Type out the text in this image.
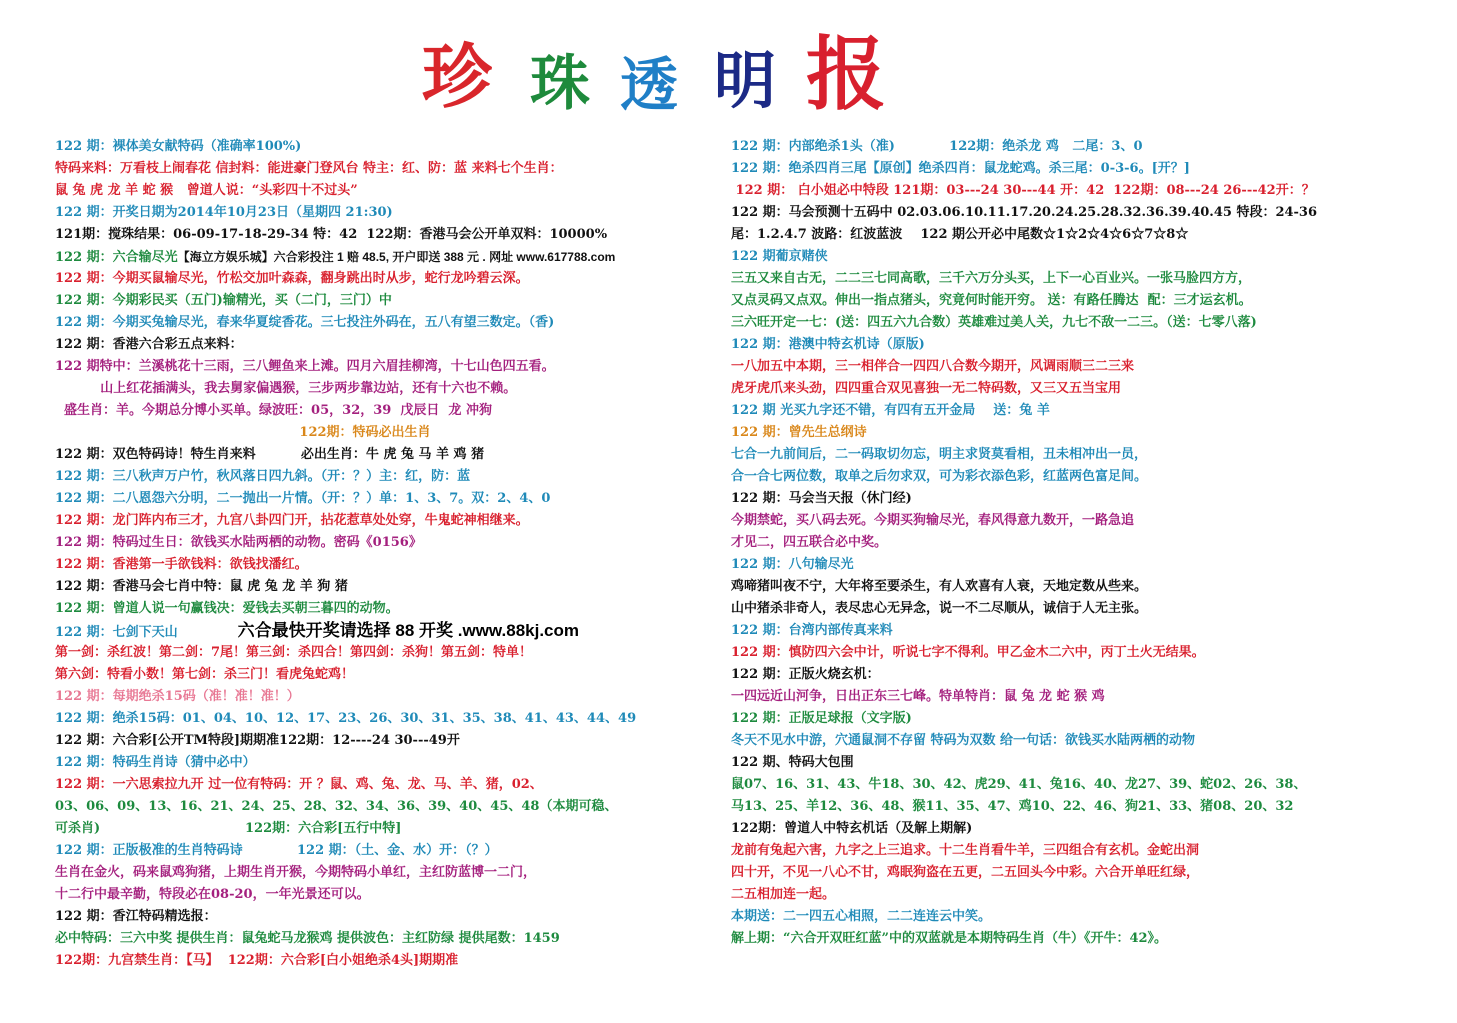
珍 珠 透 明 报
122 期：裸体美女献特码（准确率100%)
特码来料：万看枝上闹春花 信封料：能进豪门登风台 特主：红、防：蓝 来料七个生肖：
鼠 兔 虎 龙 羊 蛇 猴   曾道人说：“头彩四十不过头”
122 期：开奖日期为2014年10月23日（星期四 21:30)
121期：搅珠结果：06-09-17-18-29-34 特：42  122期：香港马会公开单双料：10000%
122 期：六合输尽光【海立方娱乐城】六合彩投注 1 赔 48.5, 开户即送 388 元 . 网址 www.617788.com
122 期：今期买鼠输尽光，竹松交加叶森森，翻身跳出时从步，蛇行龙吟碧云深。
122 期：今期彩民买（五门)输精光，买（二门，三门）中
122 期：今期买兔输尽光，春来华夏绽香花。三七投注外码在，五八有望三数定。（香)
122 期：香港六合彩五点来料：
122 期特中：兰溪桃花十三雨，三八鲤鱼来上滩。四月六眉挂柳湾，十七山色四五看。
山上红花插满头，我去舅家偏遇猴，三步两步靠边站，还有十六也不赖。
盛生肖：羊。今期总分博小买单。绿波旺：05，32，39  戊辰日  龙 冲狗
122期：特码必出生肖
122 期：双色特码诗！特生肖来料          必出生肖：牛 虎 兔 马 羊 鸡 猪
122 期：三八秋声万户竹，秋风落日四九斜。（开：？）主：红，防：蓝
122 期：二八恩怨六分明，二一抛出一片情。（开：？）单：1、3、7。双：2、4、0
122 期：龙门阵内布三才，九宫八卦四门开，拈花惹草处处穿，牛鬼蛇神相继来。
122 期：特码过生日：欲钱买水陆两栖的动物。密码《0156》
122 期：香港第一手欲钱料：欲钱找潘红。
122 期：香港马会七肖中特：鼠 虎 兔 龙 羊 狗 猪
122 期：曾道人说一句赢钱决：爱钱去买朝三暮四的动物。
122 期：七剑下天山	六合最快开奖请选择 88 开奖 .www.88kj.com
第一剑：杀红波！第二剑：7尾！第三剑：杀四合！第四剑：杀狗！第五剑：特单！
第六剑：特看小数！第七剑：杀三门！看虎兔蛇鸡！
122 期：每期绝杀15码（准！准！准！）
122 期：绝杀15码：01、04、10、12、17、23、26、30、31、35、38、41、43、44、49
122 期：六合彩[公开TM特段]期期准122期：12----24 30---49开
122 期：特码生肖诗（猜中必中）
122 期：一六思索拉九开 过一位有特码：开 ？鼠、鸡、兔、龙、马、羊、猪，02、
03、06、09、13、16、21、24、25、28、32、34、36、39、40、45、48（本期可稳、
可杀肖)                                122期：六合彩[五行中特]
122 期：正版极准的生肖特码诗            122 期：（土、金、水）开：（？）
生肖在金火，码来鼠鸡狗猪，上期生肖开猴，今期特码小单红，主红防蓝博一二门，
十二行中最辛勤，特段必在08-20，一年光景还可以。
122 期：香江特码精选报：
必中特码：三六中奖 提供生肖：鼠兔蛇马龙猴鸡 提供波色：主红防绿 提供尾数：1459
122期：九宫禁生肖：【马】  122期：六合彩[白小姐绝杀4头]期期准
122 期：内部绝杀1头（准)            122期：绝杀龙 鸡   二尾：3、0
122 期：绝杀四肖三尾【原创】绝杀四肖：鼠龙蛇鸡。杀三尾：0-3-6。[开？]
122 期： 白小姐必中特段 121期：03---24 30---44 开：42  122期：08---24 26---42开：？
122 期：马会预测十五码中 02.03.06.10.11.17.20.24.25.28.32.36.39.40.45 特段：24-36
尾：1.2.4.7 波路：红波蓝波    122 期公开必中尾数☆1☆2☆4☆6☆7☆8☆
122 期葡京赌侠
三五又来自古无，二二三七同高歌，三千六万分头买，上下一心百业兴。一张马脸四方方，
又点灵码又点双。伸出一指点猪头，究竟何时能开穷。 送：有路任腾达  配：三才运玄机。
三六旺开定一七：(送：四五六九合数）英雄难过美人关，九七不敌一二三。（送：七零八落)
122 期：港澳中特玄机诗（原版)
一八加五中本期，三一相伴合一四四八合数今期开，风调雨顺三二三来
虎牙虎爪来头劲，四四重合双见喜独一无二特码数，又三又五当宝用
122 期 光买九字还不错，有四有五开金局    送：兔 羊
122 期：曾先生总纲诗
七合一九前间后，二一码取切勿忘，明主求贤莫看相，丑未相冲出一员，
合一合七两位数，取单之后勿求双，可为彩衣添色彩，红蓝两色富足间。
122 期：马会当天报（休门经)
今期禁蛇，买八码去死。今期买狗输尽光，春风得意九数开，一路急追
才见二，四五联合必中奖。
122 期：八句输尽光
鸡啼猪叫夜不宁，大年将至要杀生，有人欢喜有人衰，天地定数从些来。
山中猪杀非奇人，表尽忠心无异念，说一不二尽顺从，诚信于人无主张。
122 期：台湾内部传真来料
122 期：慎防四六会中计，听说七字不得利。甲乙金木二六中，丙丁土火无结果。
122 期：正版火烧玄机：
一四远近山河争，日出正东三七峰。特单特肖：鼠 兔 龙 蛇 猴 鸡
122 期：正版足球报（文字版)
冬天不见水中游，穴通鼠洞不存留 特码为双数 给一句话：欲钱买水陆两栖的动物
122 期、特码大包围
鼠07、16、31、43、牛18、30、42、虎29、41、兔16、40、龙27、39、蛇02、26、38、
马13、25、羊12、36、48、猴11、35、47、鸡10、22、46、狗21、33、猪08、20、32
122期：曾道人中特玄机话（及解上期解)
龙前有兔起六害，九字之上三追求。十二生肖看牛羊，三四组合有玄机。金蛇出洞
四十开，不见一八心不甘，鸡眠狗盗在五更，二五回头今中彩。六合开单旺红绿，
二五相加连一起。
本期送：二一四五心相照，二二连连云中笑。
解上期：“六合开双旺红蓝”中的双蓝就是本期特码生肖（牛）《开牛：42》。
